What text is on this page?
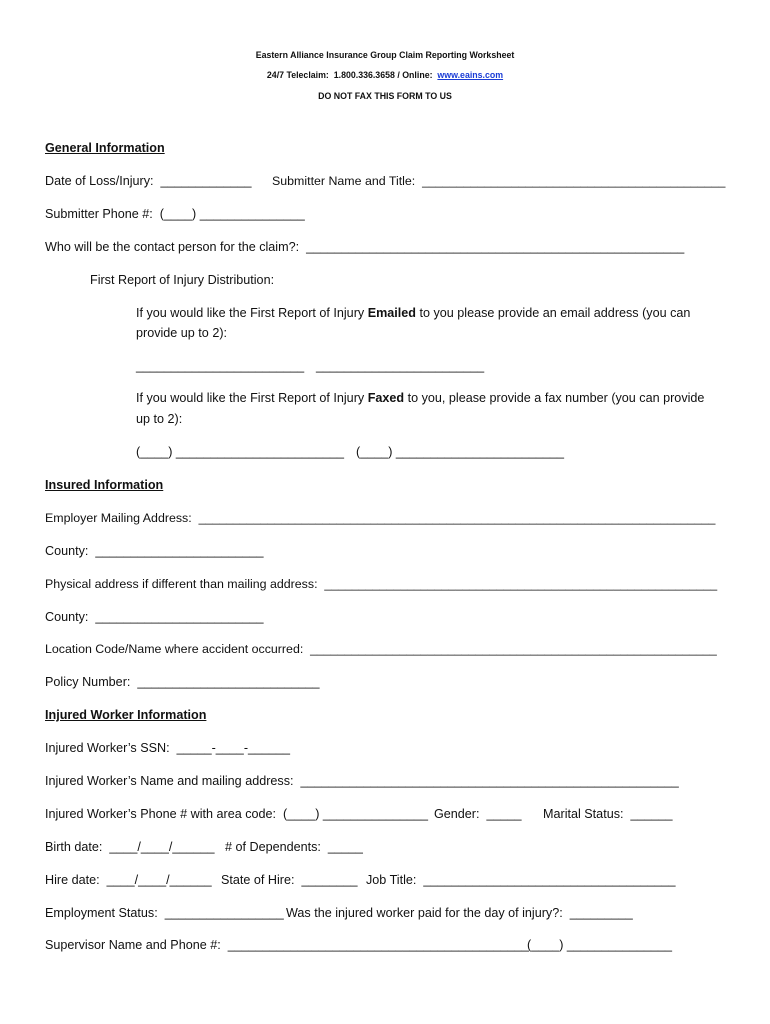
Eastern Alliance Insurance Group Claim Reporting Worksheet
24/7 Teleclaim:  1.800.336.3658 / Online:  www.eains.com
DO NOT FAX THIS FORM TO US
General Information
Date of Loss/Injury:  _____________ Submitter Name and Title:  ____________________________________________
Submitter Phone #:  (____) _______________
Who will be the contact person for the claim?:  ______________________________________________________
First Report of Injury Distribution:
If you would like the First Report of Injury Emailed to you please provide an email address (you can
provide up to 2):
________________________ ________________________
If you would like the First Report of Injury Faxed to you, please provide a fax number (you can provide
up to 2):
(____) ________________________ (____) ________________________
Insured Information
Employer Mailing Address:  ___________________________________________________________________________
County:  ________________________
Physical address if different than mailing address:  _________________________________________________________
County:  ________________________
Location Code/Name where accident occurred:  ___________________________________________________________
Policy Number:  __________________________
Injured Worker Information
Injured Worker’s SSN:  _____-____-______
Injured Worker’s Name and mailing address:  ______________________________________________________
Injured Worker’s Phone # with area code:  (____) _______________ Gender:  _____ Marital Status:  ______
Birth date:  ____/____/______ # of Dependents:  _____
Hire date:  ____/____/______ State of Hire:  ________ Job Title:  ____________________________________
Employment Status:  _________________ Was the injured worker paid for the day of injury?:  _________
Supervisor Name and Phone #:  ___________________________________________
(____) _______________
